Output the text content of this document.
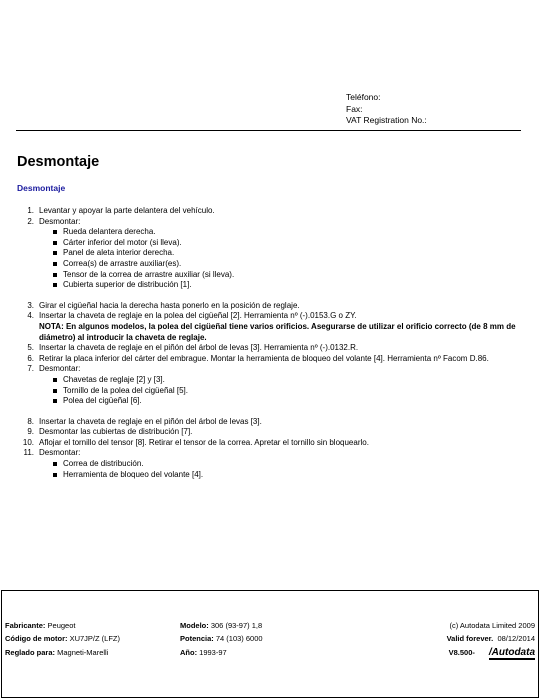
Teléfono:
Fax:
VAT Registration No.:
Desmontaje
Desmontaje
1. Levantar y apoyar la parte delantera del vehículo.
2. Desmontar:
Rueda delantera derecha.
Cárter inferior del motor (si lleva).
Panel de aleta interior derecha.
Correa(s) de arrastre auxiliar(es).
Tensor de la correa de arrastre auxiliar (si lleva).
Cubierta superior de distribución [1].
3. Girar el cigüeñal hacia la derecha hasta ponerlo en la posición de reglaje.
4. Insertar la chaveta de reglaje en la polea del cigüeñal [2]. Herramienta nº (-).0153.G o ZY.
NOTA: En algunos modelos, la polea del cigüeñal tiene varios orificios. Asegurarse de utilizar el orificio correcto (de 8 mm de diámetro) al introducir la chaveta de reglaje.
5. Insertar la chaveta de reglaje en el piñón del árbol de levas [3]. Herramienta nº (-).0132.R.
6. Retirar la placa inferior del cárter del embrague. Montar la herramienta de bloqueo del volante [4]. Herramienta nº Facom D.86.
7. Desmontar:
Chavetas de reglaje [2] y [3].
Tornillo de la polea del cigüeñal [5].
Polea del cigüeñal [6].
8. Insertar la chaveta de reglaje en el piñón del árbol de levas [3].
9. Desmontar las cubiertas de distribución [7].
10. Aflojar el tornillo del tensor [8]. Retirar el tensor de la correa. Apretar el tornillo sin bloquearlo.
11. Desmontar:
Correa de distribución.
Herramienta de bloqueo del volante [4].
Fabricante: Peugeot
Código de motor: XU7JP/Z (LFZ)
Reglado para: Magneti-Marelli
Modelo: 306 (93-97) 1,8
Potencia: 74 (103) 6000
Año: 1993-97
(c) Autodata Limited 2009
Valid forever. 08/12/2014
V8.500- /Autodata
